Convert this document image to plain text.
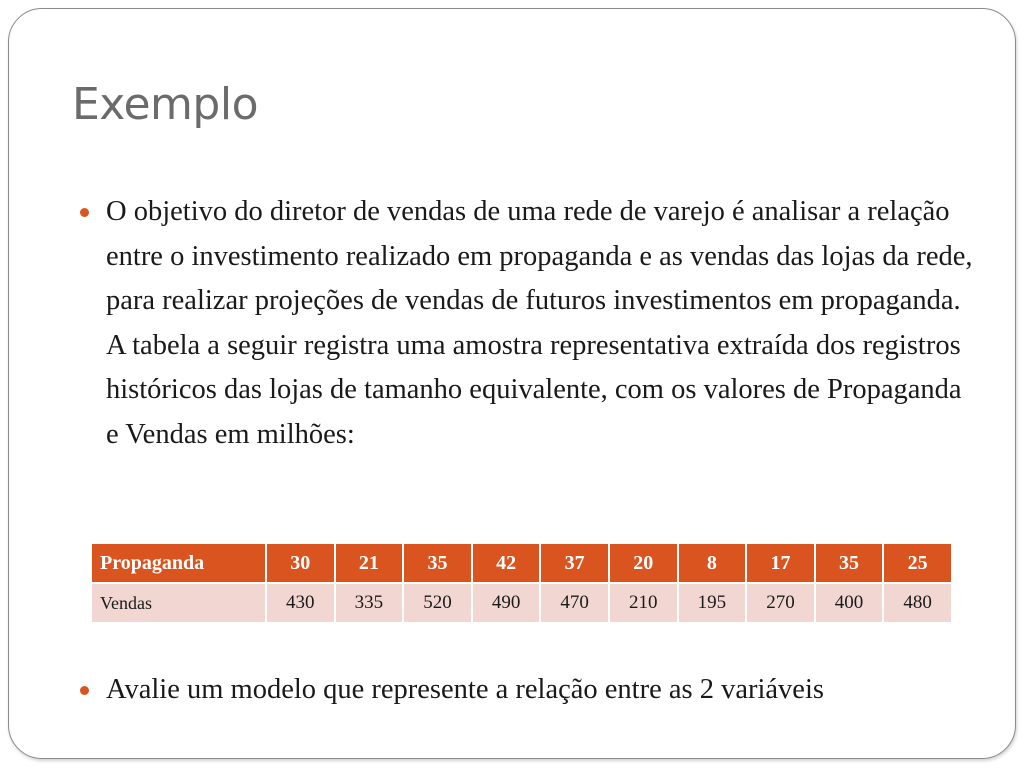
Exemplo
O objetivo do diretor de vendas de uma rede de varejo é analisar a relação entre o investimento realizado em propaganda e as vendas das lojas da rede, para realizar projeções de vendas de futuros investimentos em propaganda. A tabela a seguir registra uma amostra representativa extraída dos registros históricos das lojas de tamanho equivalente, com os valores de Propaganda e Vendas em milhões:
Propaganda	30	21	35	42	37	20	8	17	35	25
Vendas	430	335	520	490	470	210	195	270	400	480
Avalie um modelo que represente a relação entre as 2 variáveis
